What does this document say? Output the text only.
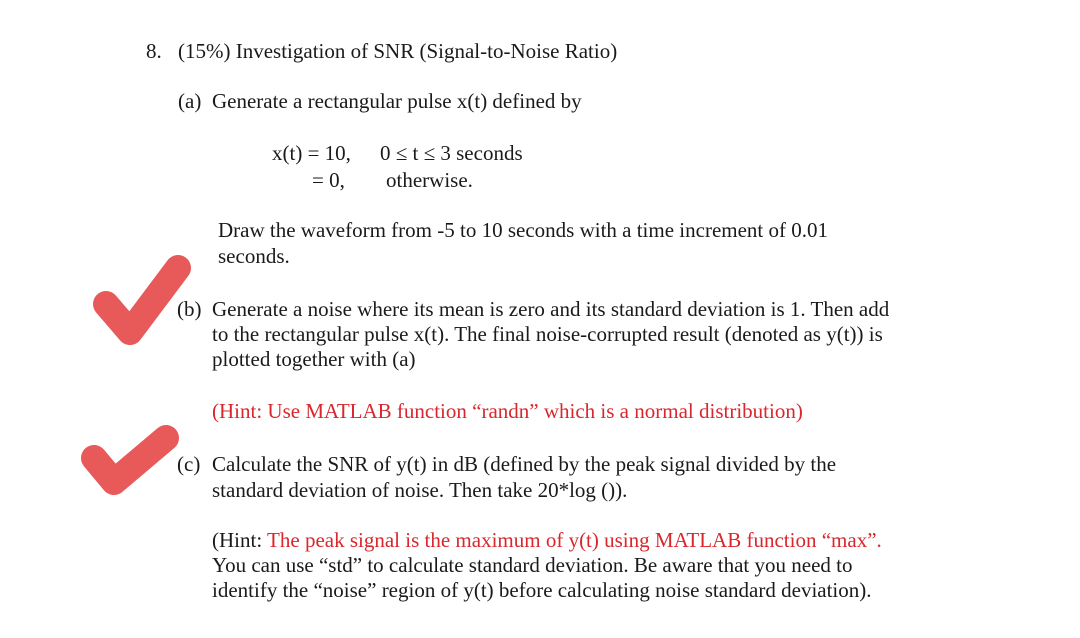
8. (15%) Investigation of SNR (Signal-to-Noise Ratio)
(a) Generate a rectangular pulse x(t) defined by
x(t) = 10, 0 ≤ t ≤ 3 seconds
= 0, otherwise.
Draw the waveform from -5 to 10 seconds with a time increment of 0.01
seconds.
(b) Generate a noise where its mean is zero and its standard deviation is 1. Then add
to the rectangular pulse x(t). The final noise-corrupted result (denoted as y(t)) is
plotted together with (a)
(Hint: Use MATLAB function “randn” which is a normal distribution)
(c) Calculate the SNR of y(t) in dB (defined by the peak signal divided by the
standard deviation of noise. Then take 20*log ()).
(Hint: The peak signal is the maximum of y(t) using MATLAB function “max”.
You can use “std” to calculate standard deviation. Be aware that you need to
identify the “noise” region of y(t) before calculating noise standard deviation).
